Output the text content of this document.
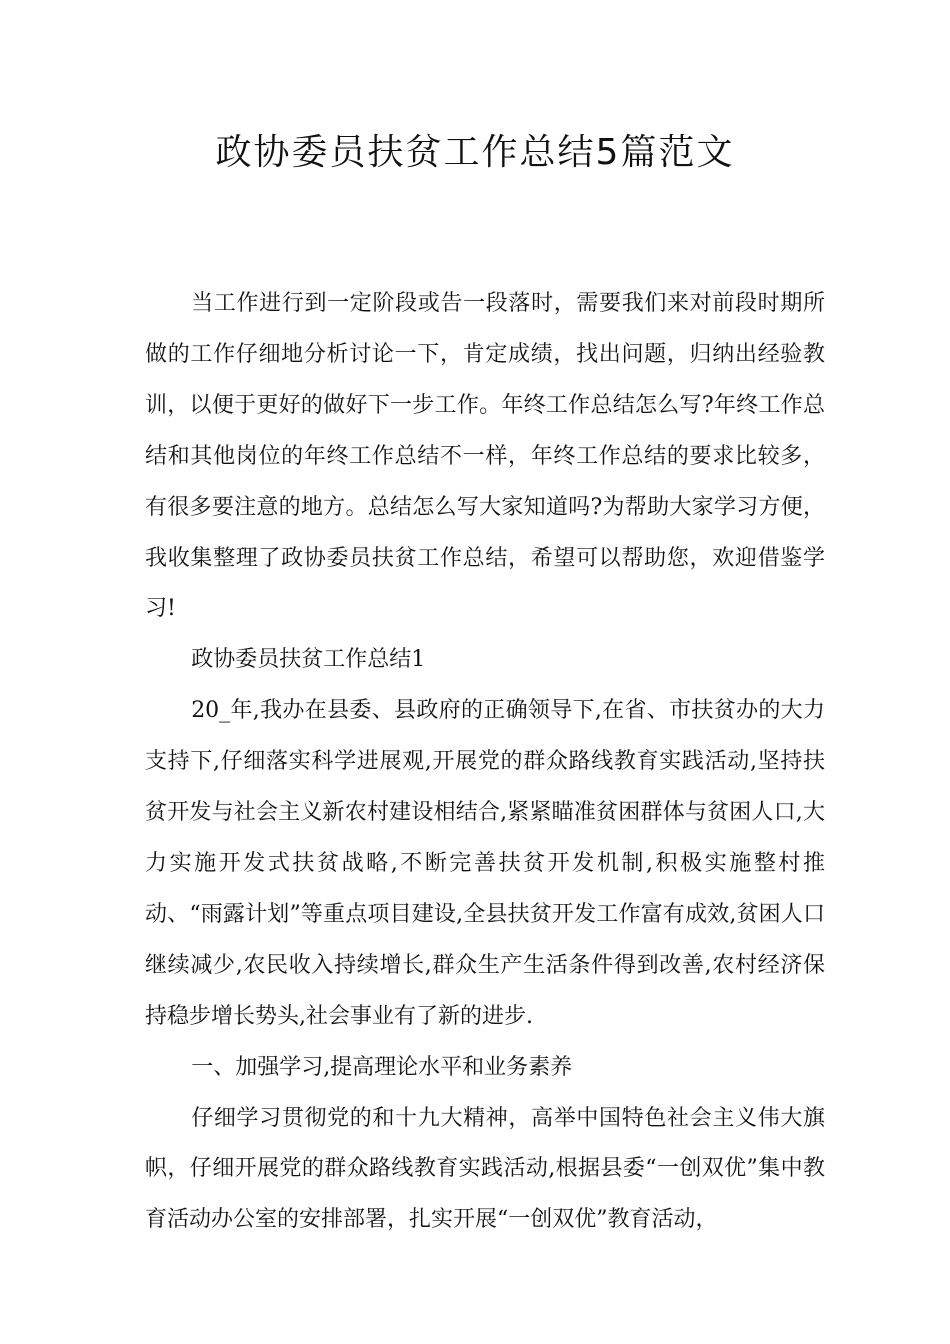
政协委员扶贫工作总结5篇范文

当工作进行到一定阶段或告一段落时，需要我们来对前段时期所做的工作仔细地分析讨论一下，肯定成绩，找出问题，归纳出经验教训，以便于更好的做好下一步工作。年终工作总结怎么写?年终工作总结和其他岗位的年终工作总结不一样，年终工作总结的要求比较多，有很多要注意的地方。总结怎么写大家知道吗?为帮助大家学习方便，我收集整理了政协委员扶贫工作总结，希望可以帮助您，欢迎借鉴学习!

政协委员扶贫工作总结1

20_年,我办在县委、县政府的正确领导下,在省、市扶贫办的大力支持下,仔细落实科学进展观,开展党的群众路线教育实践活动,坚持扶贫开发与社会主义新农村建设相结合,紧紧瞄准贫困群体与贫困人口,大力实施开发式扶贫战略,不断完善扶贫开发机制,积极实施整村推动、“雨露计划”等重点项目建设,全县扶贫开发工作富有成效,贫困人口继续减少,农民收入持续增长,群众生产生活条件得到改善,农村经济保持稳步增长势头,社会事业有了新的进步.

一、加强学习,提高理论水平和业务素养

仔细学习贯彻党的和十九大精神，高举中国特色社会主义伟大旗帜，仔细开展党的群众路线教育实践活动,根据县委“一创双优”集中教育活动办公室的安排部署，扎实开展“一创双优”教育活动，
